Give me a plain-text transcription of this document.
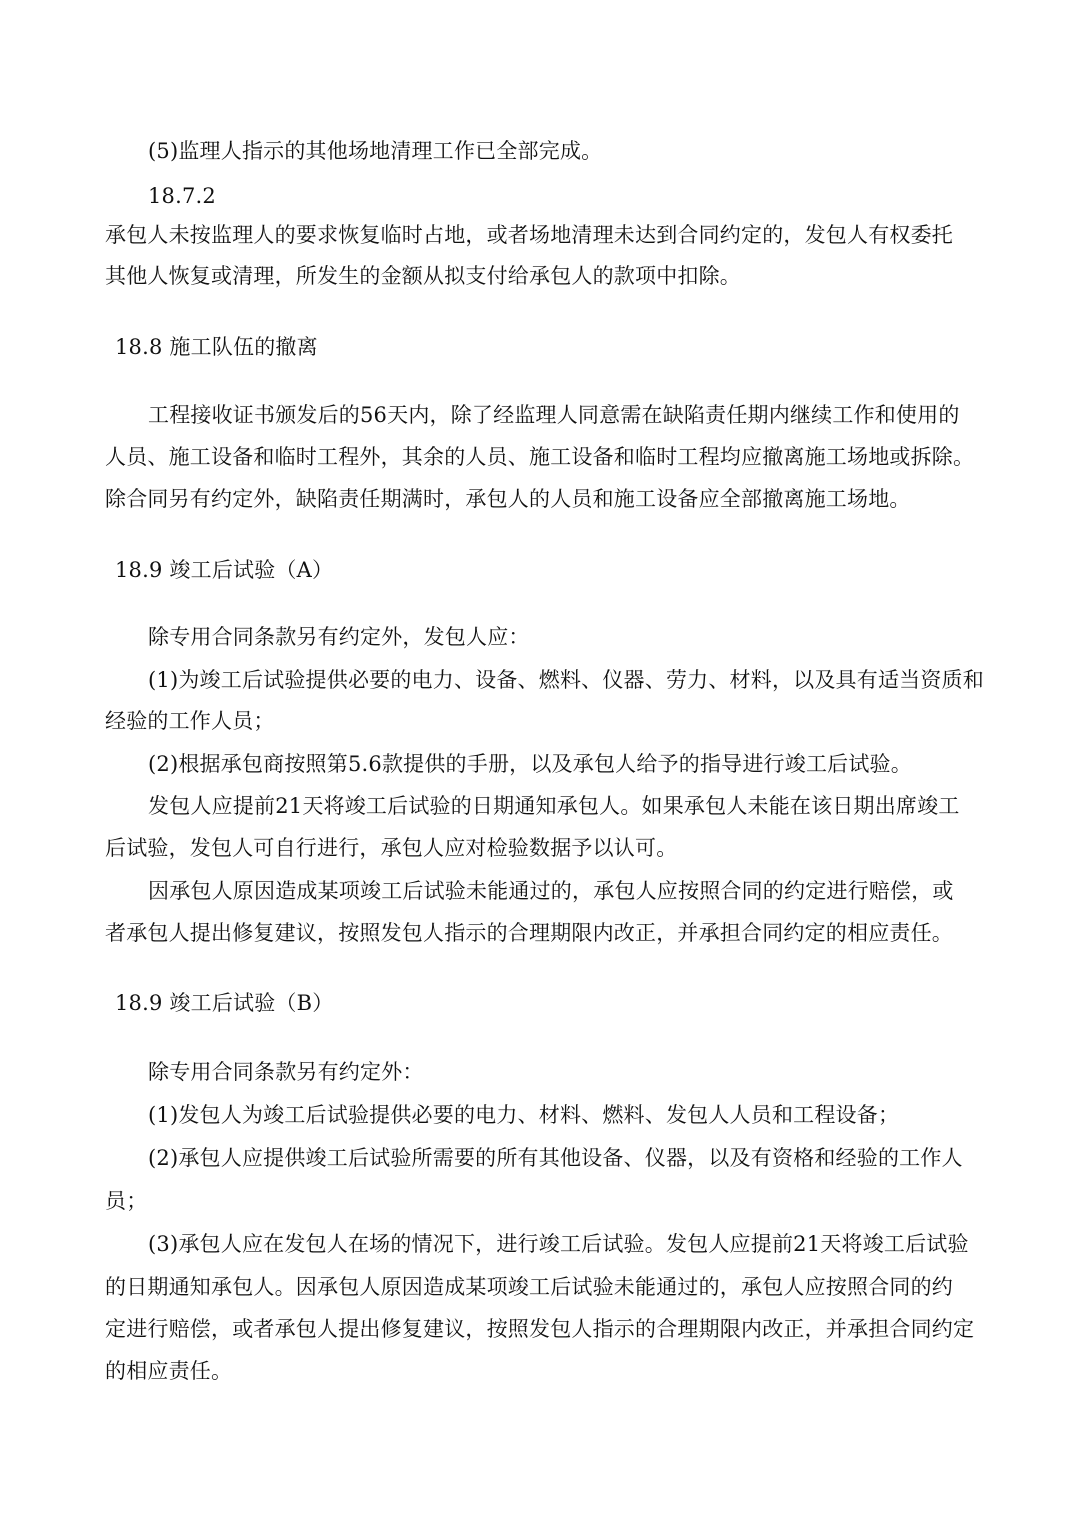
(5)监理人指示的其他场地清理工作已全部完成。
18.7.2
承包人未按监理人的要求恢复临时占地，或者场地清理未达到合同约定的，发包人有权委托
其他人恢复或清理，所发生的金额从拟支付给承包人的款项中扣除。
18.8 施工队伍的撤离
工程接收证书颁发后的56天内，除了经监理人同意需在缺陷责任期内继续工作和使用的
人员、施工设备和临时工程外，其余的人员、施工设备和临时工程均应撤离施工场地或拆除。
除合同另有约定外，缺陷责任期满时，承包人的人员和施工设备应全部撤离施工场地。
18.9 竣工后试验（A）
除专用合同条款另有约定外，发包人应：
(1)为竣工后试验提供必要的电力、设备、燃料、仪器、劳力、材料，以及具有适当资质和
经验的工作人员；
(2)根据承包商按照第5.6款提供的手册，以及承包人给予的指导进行竣工后试验。
发包人应提前21天将竣工后试验的日期通知承包人。如果承包人未能在该日期出席竣工
后试验，发包人可自行进行，承包人应对检验数据予以认可。
因承包人原因造成某项竣工后试验未能通过的，承包人应按照合同的约定进行赔偿，或
者承包人提出修复建议，按照发包人指示的合理期限内改正，并承担合同约定的相应责任。
18.9 竣工后试验（B）
除专用合同条款另有约定外：
(1)发包人为竣工后试验提供必要的电力、材料、燃料、发包人人员和工程设备；
(2)承包人应提供竣工后试验所需要的所有其他设备、仪器，以及有资格和经验的工作人
员；
(3)承包人应在发包人在场的情况下，进行竣工后试验。发包人应提前21天将竣工后试验
的日期通知承包人。因承包人原因造成某项竣工后试验未能通过的，承包人应按照合同的约
定进行赔偿，或者承包人提出修复建议，按照发包人指示的合理期限内改正，并承担合同约定
的相应责任。
